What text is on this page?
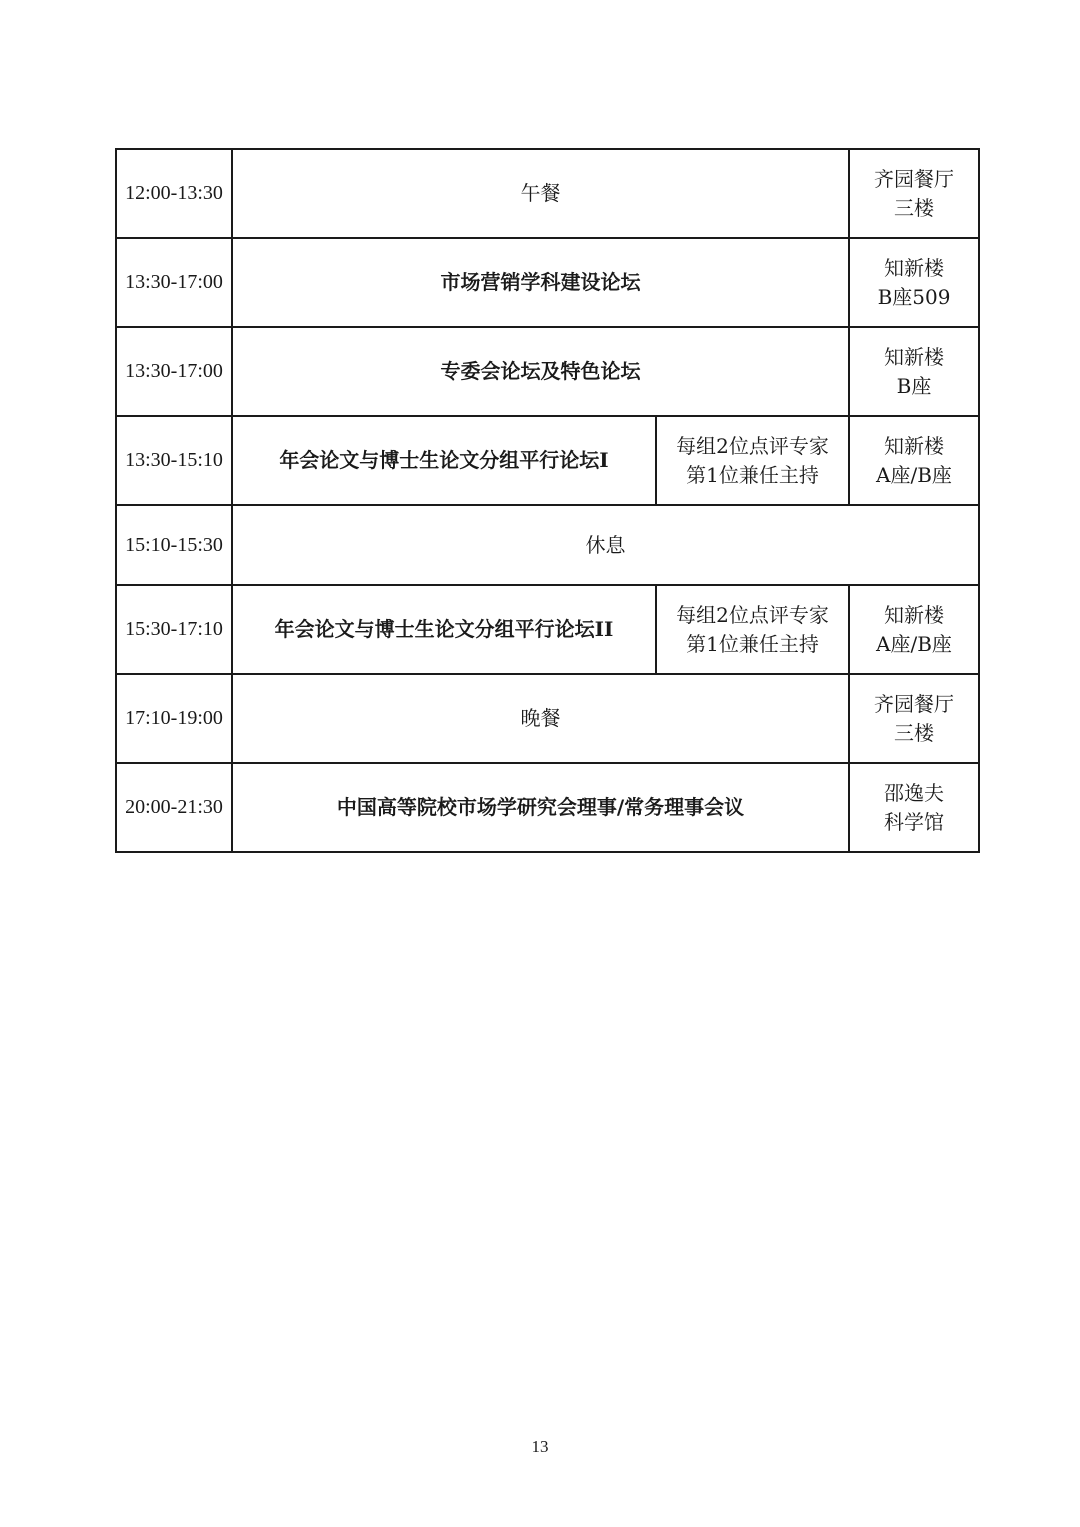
12:00-13:30	午餐		齐园餐厅
三楼

13:30-17:00	市场营销学科建设论坛		知新楼
B座509

13:30-17:00	专委会论坛及特色论坛		知新楼
B座

13:30-15:10	年会论文与博士生论文分组平行论坛I	每组2位点评专家
第1位兼任主持	知新楼
A座/B座

15:10-15:30	休息		
15:30-17:10	年会论文与博士生论文分组平行论坛II	每组2位点评专家
第1位兼任主持	知新楼
A座/B座

17:10-19:00	晚餐		齐园餐厅
三楼

20:00-21:30	中国高等院校市场学研究会理事/常务理事会议		邵逸夫
科学馆
13
